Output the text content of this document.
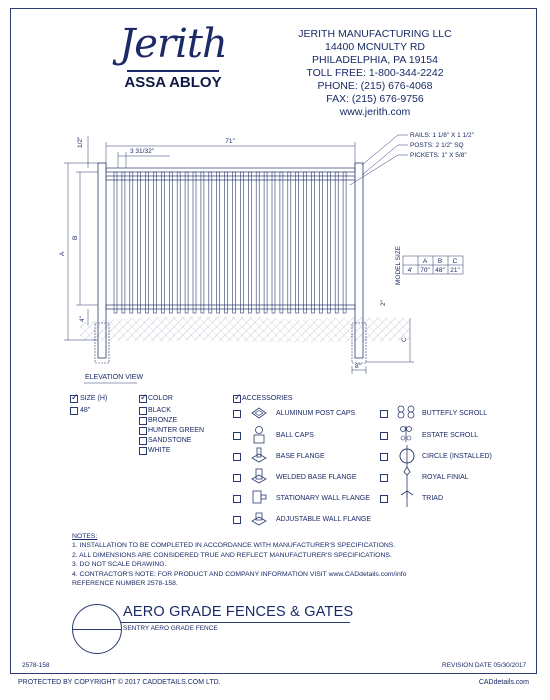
Jerith
ASSA ABLOY
JERITH MANUFACTURING LLC
14400 MCNULTY RD
PHILADELPHIA, PA 19154
TOLL FREE: 1-800-344-2242
PHONE: (215) 676-4068
FAX: (215) 676-9756
www.jerith.com
71"
3 31/32"
1/2"
A
B
4"
C
2"
8"
RAILS: 1 1/8" X 1 1/2"
POSTS: 2 1/2" SQ
PICKETS: 1" X 5/8"
MODEL SIZE	A B C
4' 70" 48" 21"
ELEVATION VIEW
✓ SIZE (H)
48"
✓ COLOR
BLACK
BRONZE
HUNTER GREEN
SANDSTONE
WHITE
✓ ACCESSORIES
ALUMINUM POST CAPS
BALL CAPS
BASE FLANGE
WELDED BASE FLANGE
STATIONARY WALL FLANGE
ADJUSTABLE WALL FLANGE
BUTTEFLY SCROLL
ESTATE SCROLL
CIRCLE (INSTALLED)
ROYAL FINIAL
TRIAD
NOTES:
1. INSTALLATION TO BE COMPLETED IN ACCORDANCE WITH MANUFACTURER'S SPECIFICATIONS.
2. ALL DIMENSIONS ARE CONSIDERED TRUE AND REFLECT MANUFACTURER'S SPECIFICATIONS.
3. DO NOT SCALE DRAWING.
4. CONTRACTOR'S NOTE: FOR PRODUCT AND COMPANY INFORMATION VISIT www.CADdetails.com/info
REFERENCE NUMBER 2578-158.
AERO GRADE FENCES & GATES
SENTRY AERO GRADE FENCE
2578-158	REVISION DATE 05/30/2017
PROTECTED BY COPYRIGHT © 2017 CADDETAILS.COM LTD.	CADdetails.com
